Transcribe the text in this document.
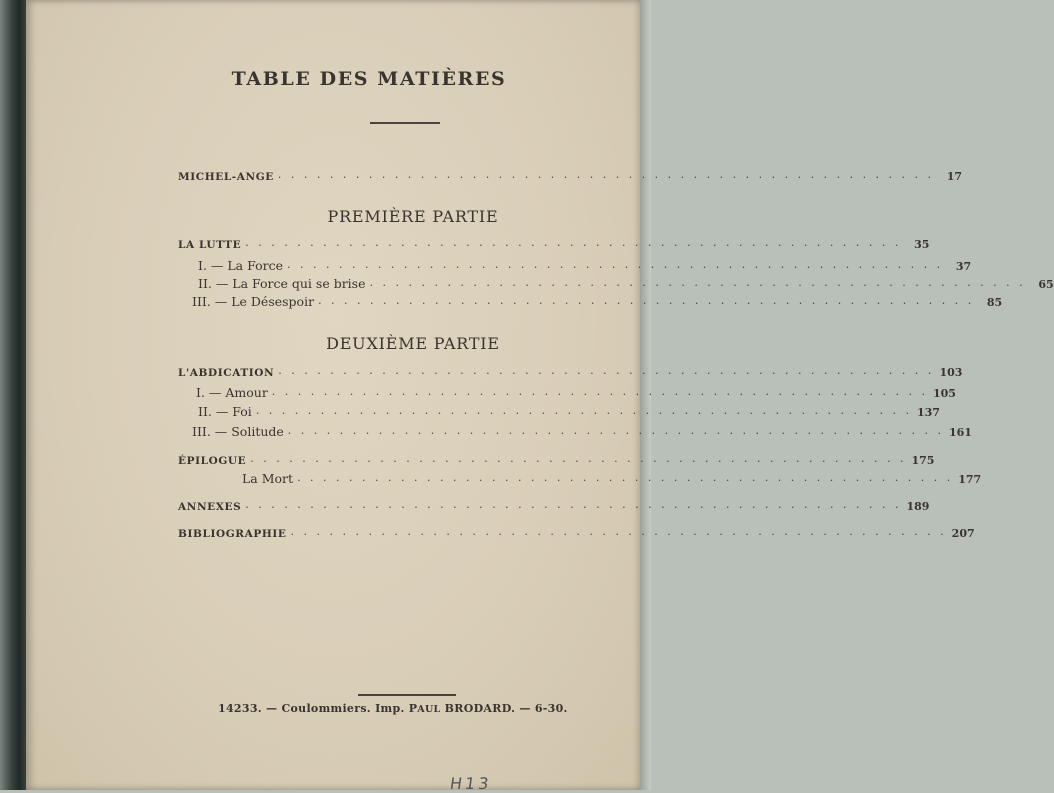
TABLE DES MATIÈRES
MICHEL-ANGE . . . . . . . . . . . . . . . . . . . . . . . . . . . . . . . . . . . . . . . . . . . . . . . . . . .	17
PREMIÈRE PARTIE
LA LUTTE . . . . . . . . . . . . . . . . . . . . . . . . . . . . . . . . . . . . . . . . . . . . . . . . . . .	35
I. — La Force . . . . . . . . . . . . . . . . . . . . . . . . . . . . . . . . . . . . . . . . . . . . . . . . . . .	37
II. — La Force qui se brise . . . . . . . . . . . . . . . . . . . . . . . . . . . . . . . . . . . . . . . . . . . . . . . . . . .	65
III. — Le Désespoir . . . . . . . . . . . . . . . . . . . . . . . . . . . . . . . . . . . . . . . . . . . . . . . . . . .	85
DEUXIÈME PARTIE
L'ABDICATION . . . . . . . . . . . . . . . . . . . . . . . . . . . . . . . . . . . . . . . . . . . . . . . . . . . 103
I. — Amour . . . . . . . . . . . . . . . . . . . . . . . . . . . . . . . . . . . . . . . . . . . . . . . . . . . 105
II. — Foi . . . . . . . . . . . . . . . . . . . . . . . . . . . . . . . . . . . . . . . . . . . . . . . . . . . 137
III. — Solitude . . . . . . . . . . . . . . . . . . . . . . . . . . . . . . . . . . . . . . . . . . . . . . . . . . . 161
ÉPILOGUE . . . . . . . . . . . . . . . . . . . . . . . . . . . . . . . . . . . . . . . . . . . . . . . . . . . 175
La Mort . . . . . . . . . . . . . . . . . . . . . . . . . . . . . . . . . . . . . . . . . . . . . . . . . . . 177
ANNEXES . . . . . . . . . . . . . . . . . . . . . . . . . . . . . . . . . . . . . . . . . . . . . . . . . . . 189
BIBLIOGRAPHIE . . . . . . . . . . . . . . . . . . . . . . . . . . . . . . . . . . . . . . . . . . . . . . . . . . . 207
14233. — Coulommiers. Imp. PAUL BRODARD. — 6-30.
H13
